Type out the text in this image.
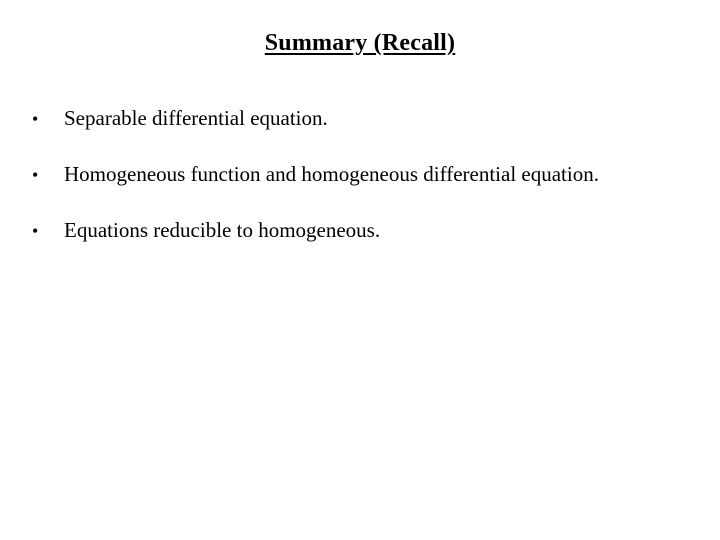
Summary (Recall)
•	Separable differential equation.
•	Homogeneous function and homogeneous differential equation.
•	Equations reducible to homogeneous.
